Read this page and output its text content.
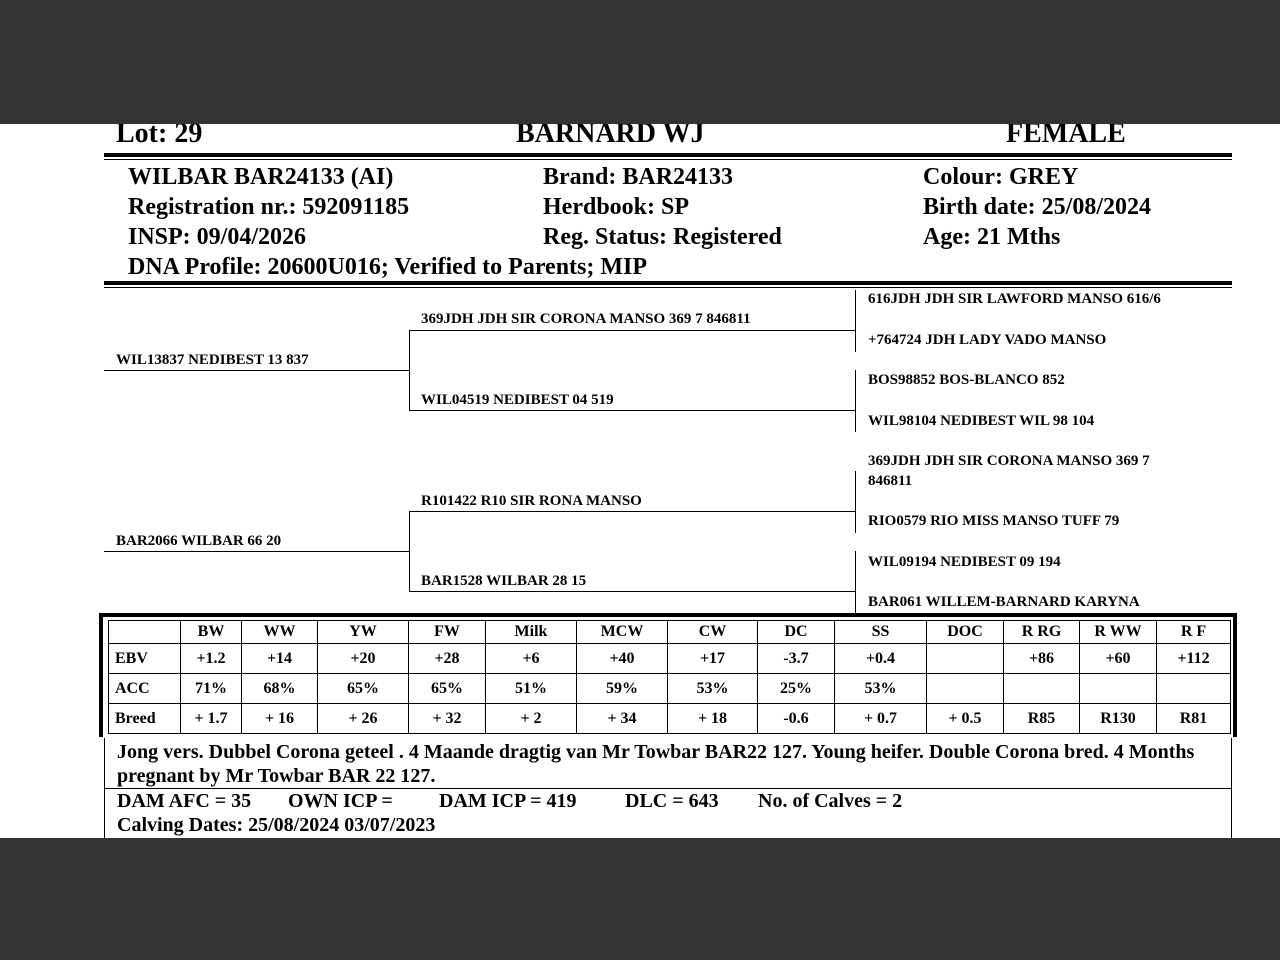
Lot: 29	BARNARD WJ	FEMALE
WILBAR BAR24133 (AI)
Registration nr.: 592091185
INSP: 09/04/2026
DNA Profile: 20600U016; Verified to Parents; MIP
Brand: BAR24133
Herdbook: SP
Reg. Status: Registered
Colour: GREY
Birth date: 25/08/2024
Age: 21 Mths
WIL13837 NEDIBEST 13 837
BAR2066 WILBAR 66 20
369JDH JDH SIR CORONA MANSO 369 7 846811
WIL04519 NEDIBEST 04 519
R101422 R10 SIR RONA MANSO
BAR1528 WILBAR 28 15
616JDH JDH SIR LAWFORD MANSO 616/6
+764724 JDH LADY VADO MANSO
BOS98852 BOS-BLANCO 852
WIL98104 NEDIBEST WIL 98 104
369JDH JDH SIR CORONA MANSO 369 7
846811
RIO0579 RIO MISS MANSO TUFF 79
WIL09194 NEDIBEST 09 194
BAR061 WILLEM-BARNARD KARYNA
	BW	WW	YW	FW	Milk	MCW	CW	DC	SS	DOC	R RG	R WW	R F
EBV	+1.2	+14	+20	+28	+6	+40	+17	-3.7	+0.4		+86	+60	+112
ACC	71%	68%	65%	65%	51%	59%	53%	25%	53%				
Breed	+ 1.7	+ 16	+ 26	+ 32	+ 2	+ 34	+ 18	-0.6	+ 0.7	+ 0.5	R85	R130	R81
Jong vers. Dubbel Corona geteel . 4 Maande dragtig van Mr Towbar BAR22 127. Young heifer. Double Corona bred. 4 Months pregnant by Mr Towbar BAR 22 127.
DAM AFC = 35 OWN ICP = DAM ICP = 419 DLC = 643 No. of Calves = 2
Calving Dates: 25/08/2024 03/07/2023
